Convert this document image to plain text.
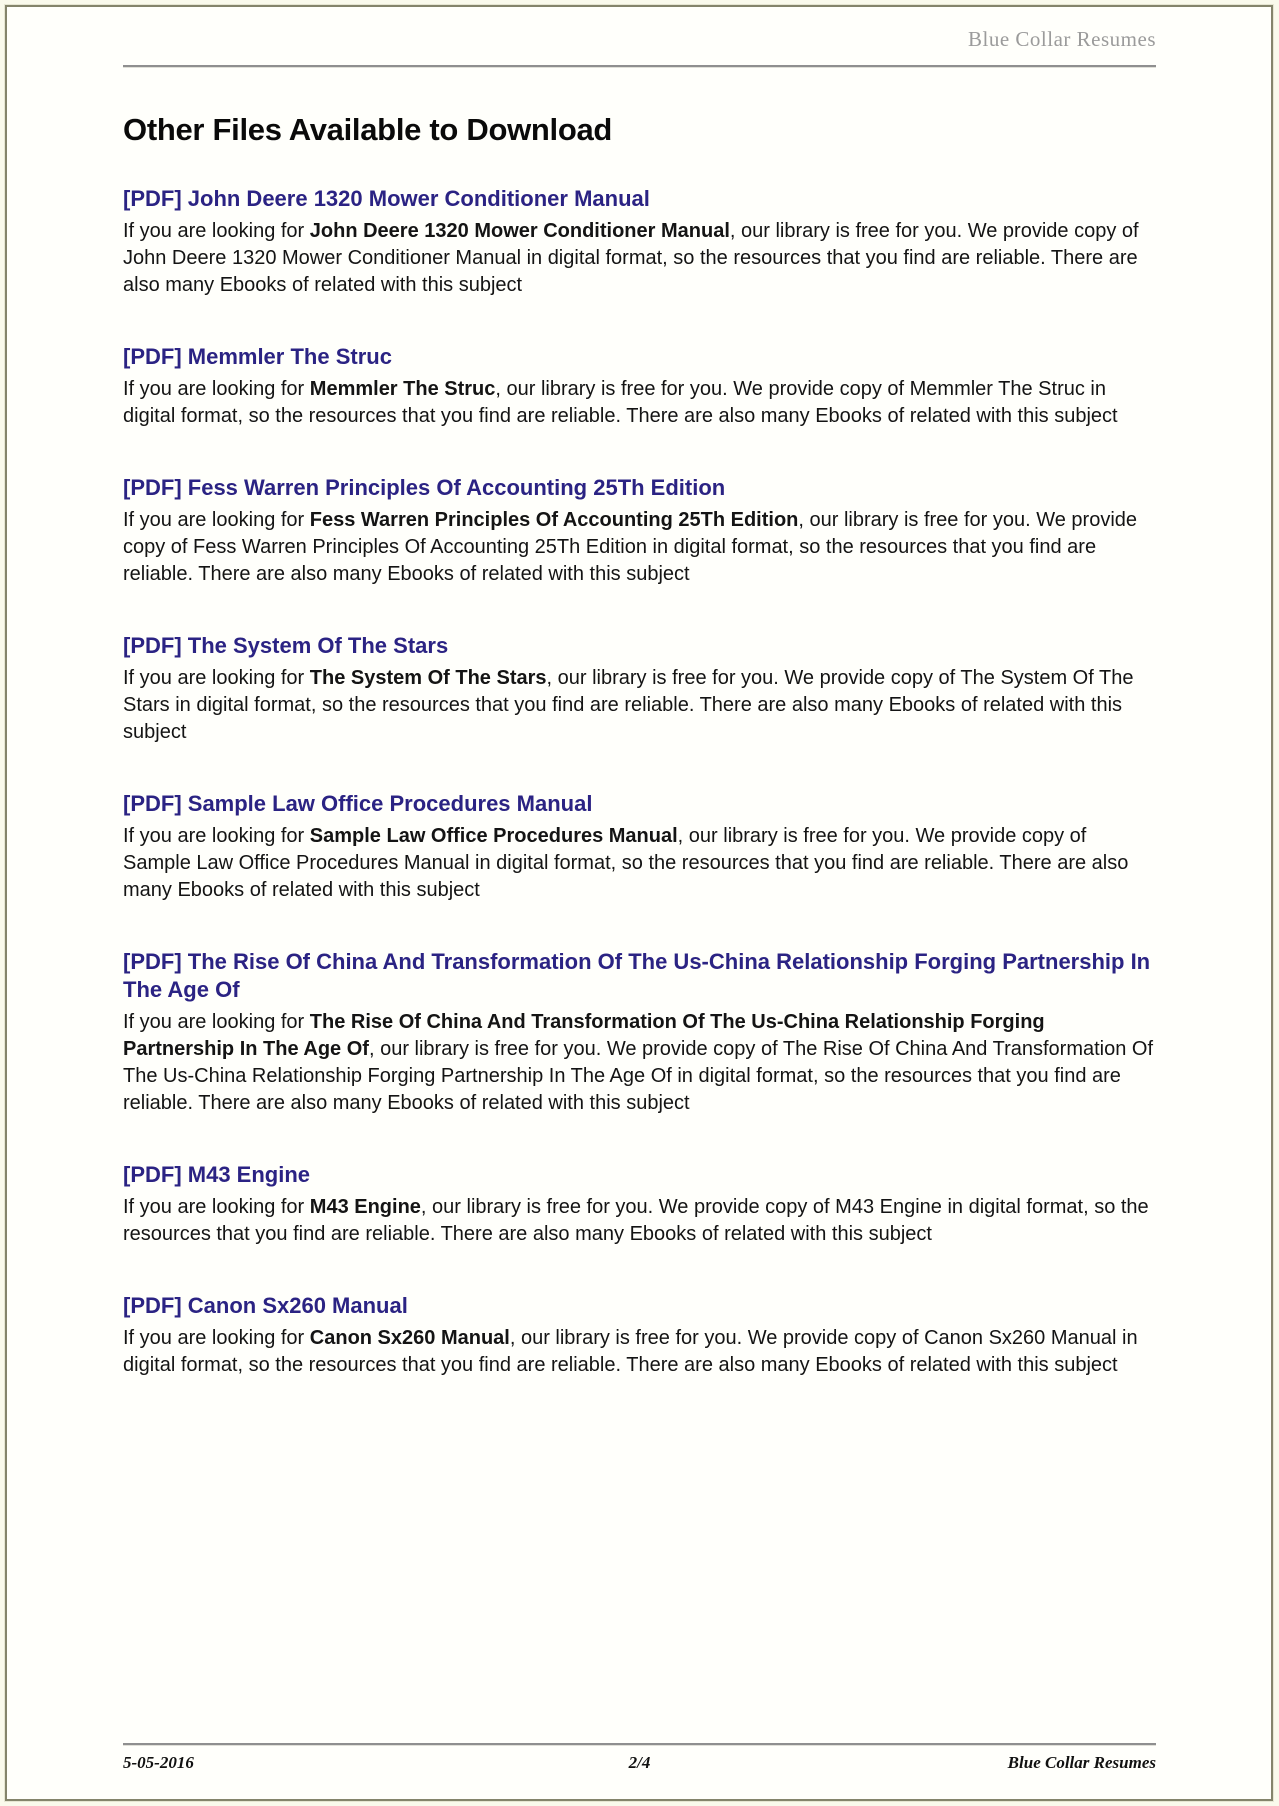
Blue Collar Resumes
Other Files Available to Download
[PDF] John Deere 1320 Mower Conditioner Manual

If you are looking for John Deere 1320 Mower Conditioner Manual, our library is free for you. We provide copy of John Deere 1320 Mower Conditioner Manual in digital format, so the resources that you find are reliable. There are also many Ebooks of related with this subject

[PDF] Memmler The Struc

If you are looking for Memmler The Struc, our library is free for you. We provide copy of Memmler The Struc in digital format, so the resources that you find are reliable. There are also many Ebooks of related with this subject

[PDF] Fess Warren Principles Of Accounting 25Th Edition

If you are looking for Fess Warren Principles Of Accounting 25Th Edition, our library is free for you. We provide copy of Fess Warren Principles Of Accounting 25Th Edition in digital format, so the resources that you find are reliable. There are also many Ebooks of related with this subject

[PDF] The System Of The Stars

If you are looking for The System Of The Stars, our library is free for you. We provide copy of The System Of The Stars in digital format, so the resources that you find are reliable. There are also many Ebooks of related with this subject

[PDF] Sample Law Office Procedures Manual

If you are looking for Sample Law Office Procedures Manual, our library is free for you. We provide copy of Sample Law Office Procedures Manual in digital format, so the resources that you find are reliable. There are also many Ebooks of related with this subject

[PDF] The Rise Of China And Transformation Of The Us-China Relationship Forging Partnership In The Age Of

If you are looking for The Rise Of China And Transformation Of The Us-China Relationship Forging Partnership In The Age Of, our library is free for you. We provide copy of The Rise Of China And Transformation Of The Us-China Relationship Forging Partnership In The Age Of in digital format, so the resources that you find are reliable. There are also many Ebooks of related with this subject

[PDF] M43 Engine

If you are looking for M43 Engine, our library is free for you. We provide copy of M43 Engine in digital format, so the resources that you find are reliable. There are also many Ebooks of related with this subject

[PDF] Canon Sx260 Manual

If you are looking for Canon Sx260 Manual, our library is free for you. We provide copy of Canon Sx260 Manual in digital format, so the resources that you find are reliable. There are also many Ebooks of related with this subject

5-05-2016	2/4	Blue Collar Resumes
